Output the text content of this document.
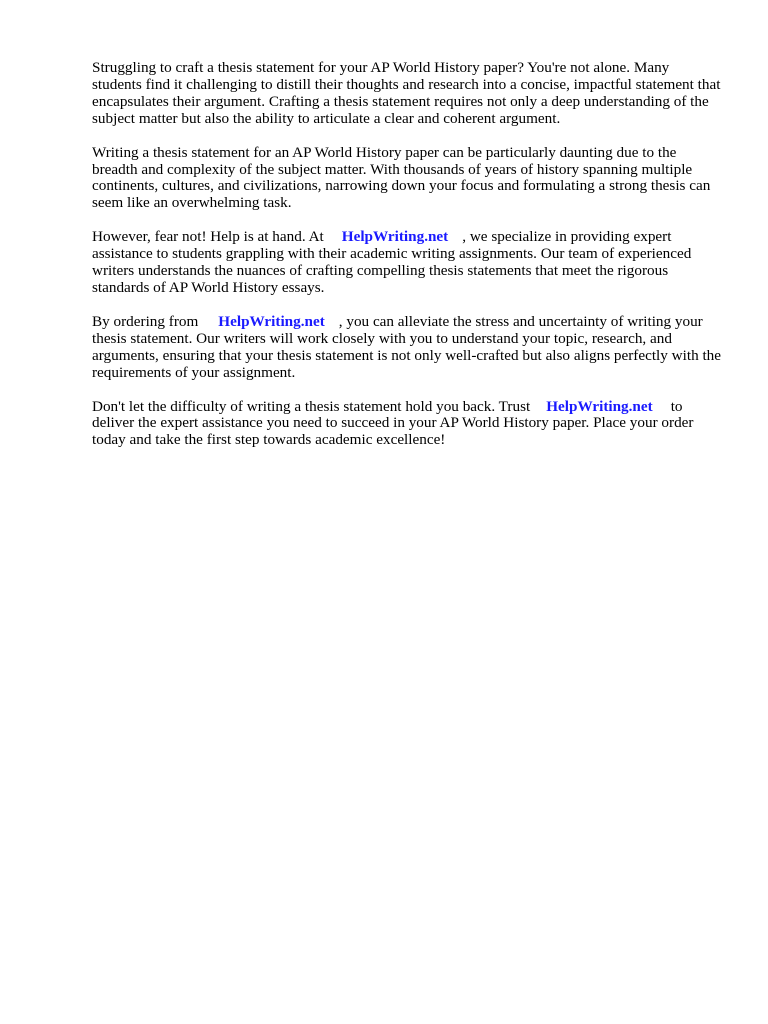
Struggling to craft a thesis statement for your AP World History paper? You're not alone. Many students find it challenging to distill their thoughts and research into a concise, impactful statement that encapsulates their argument. Crafting a thesis statement requires not only a deep understanding of the subject matter but also the ability to articulate a clear and coherent argument.

Writing a thesis statement for an AP World History paper can be particularly daunting due to the breadth and complexity of the subject matter. With thousands of years of history spanning multiple continents, cultures, and civilizations, narrowing down your focus and formulating a strong thesis can seem like an overwhelming task.

However, fear not! Help is at hand. At HelpWriting.net , we specialize in providing expert assistance to students grappling with their academic writing assignments. Our team of experienced writers understands the nuances of crafting compelling thesis statements that meet the rigorous standards of AP World History essays.

By ordering from HelpWriting.net , you can alleviate the stress and uncertainty of writing your thesis statement. Our writers will work closely with you to understand your topic, research, and arguments, ensuring that your thesis statement is not only well-crafted but also aligns perfectly with the requirements of your assignment.

Don't let the difficulty of writing a thesis statement hold you back. Trust HelpWriting.net to deliver the expert assistance you need to succeed in your AP World History paper. Place your order today and take the first step towards academic excellence!
